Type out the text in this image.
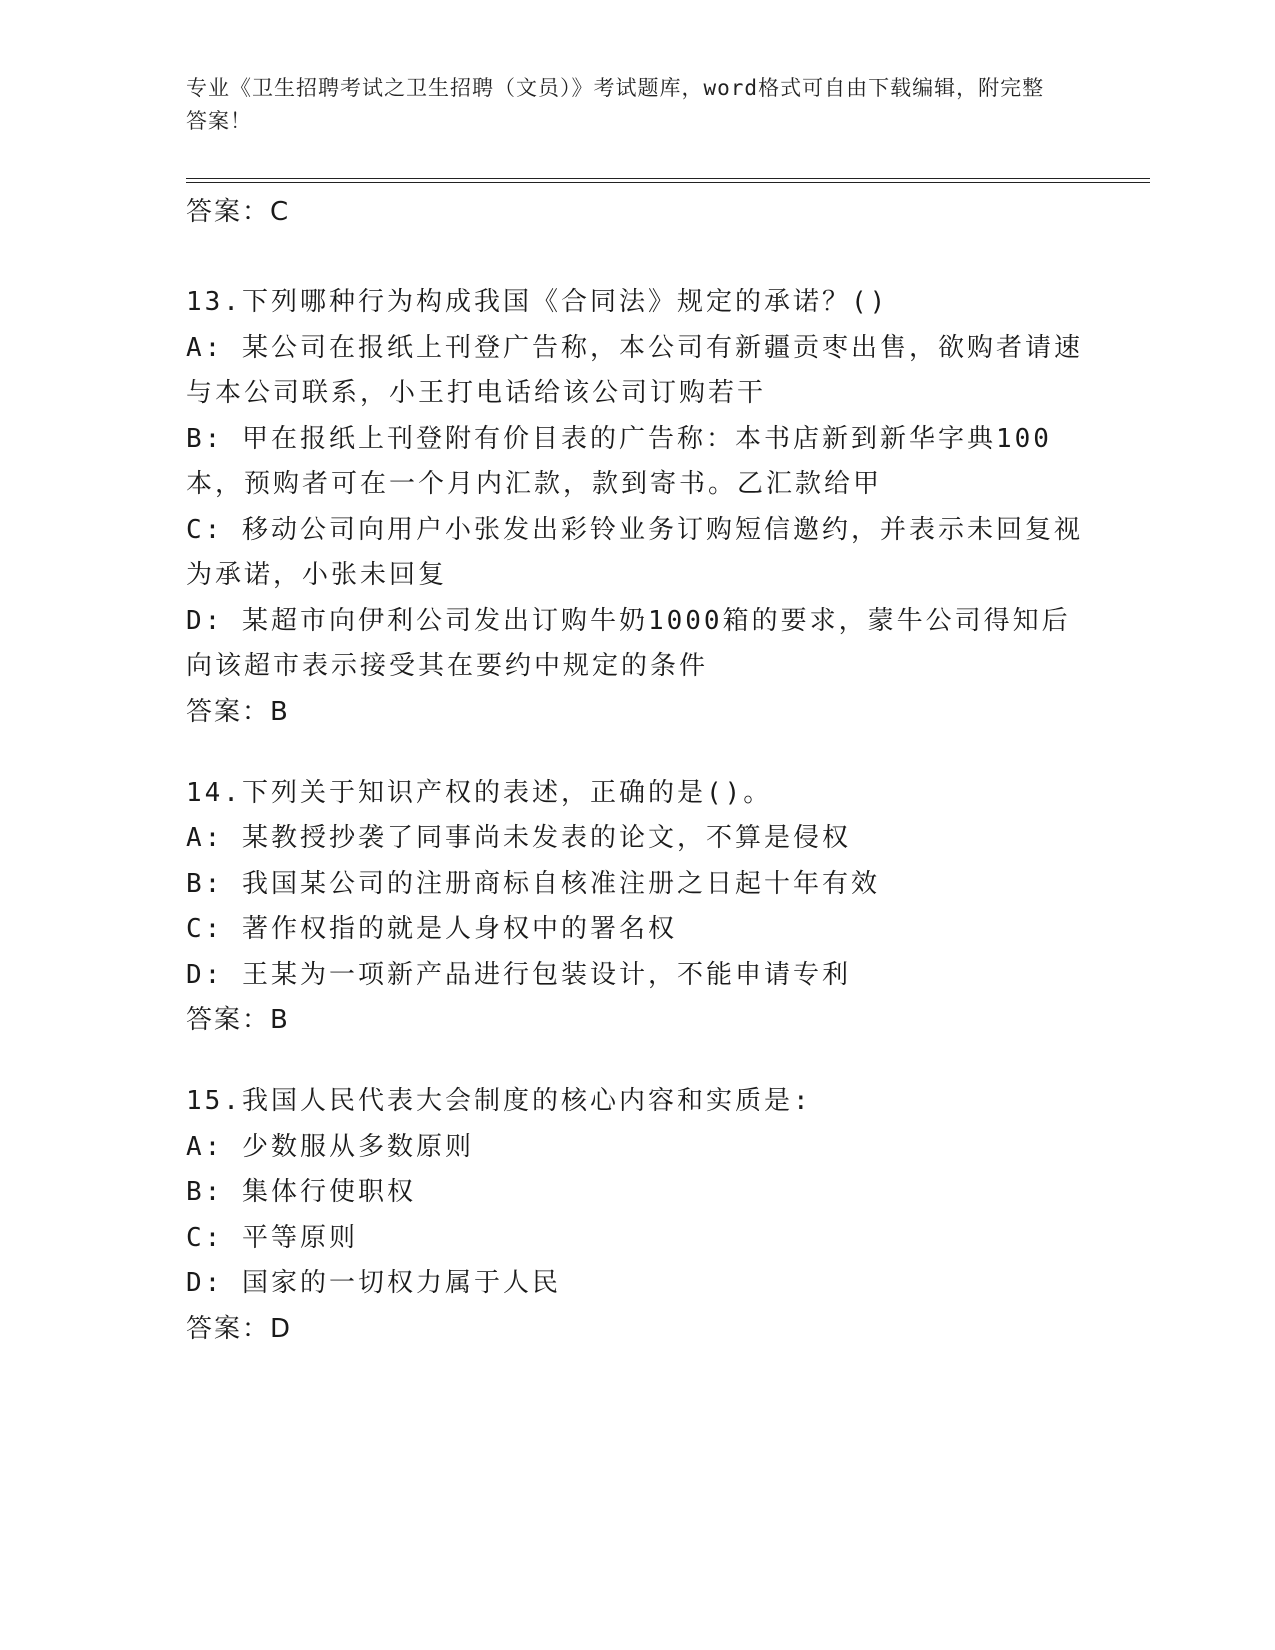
专业《卫生招聘考试之卫生招聘（文员）》考试题库，word格式可自由下载编辑，附完整答案！
答案：C

13.下列哪种行为构成我国《合同法》规定的承诺？()

A: 某公司在报纸上刊登广告称，本公司有新疆贡枣出售，欲购者请速与本公司联系，小王打电话给该公司订购若干

B: 甲在报纸上刊登附有价目表的广告称：本书店新到新华字典100本，预购者可在一个月内汇款，款到寄书。乙汇款给甲

C: 移动公司向用户小张发出彩铃业务订购短信邀约，并表示未回复视为承诺，小张未回复

D: 某超市向伊利公司发出订购牛奶1000箱的要求，蒙牛公司得知后向该超市表示接受其在要约中规定的条件

答案：B

14.下列关于知识产权的表述，正确的是()。

A: 某教授抄袭了同事尚未发表的论文，不算是侵权

B: 我国某公司的注册商标自核准注册之日起十年有效

C: 著作权指的就是人身权中的署名权

D: 王某为一项新产品进行包装设计，不能申请专利

答案：B

15.我国人民代表大会制度的核心内容和实质是:

A: 少数服从多数原则

B: 集体行使职权

C: 平等原则

D: 国家的一切权力属于人民

答案：D
